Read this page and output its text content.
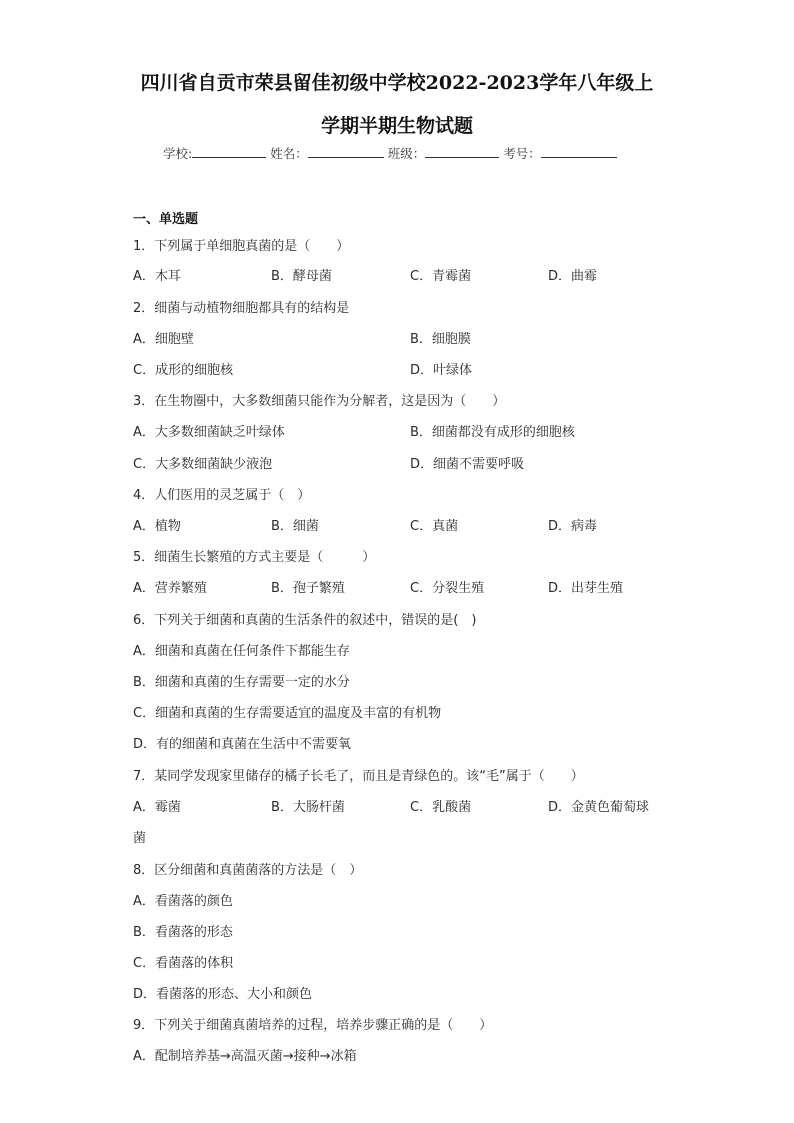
四川省自贡市荣县留佳初级中学校2022-2023学年八年级上
学期半期生物试题
学校:	姓名：	班级：	考号：
一、单选题
1．下列属于单细胞真菌的是（　　）
A．木耳	B．酵母菌	C．青霉菌	D．曲霉
2．细菌与动植物细胞都具有的结构是
A．细胞壁	B．细胞膜
C．成形的细胞核	D．叶绿体
3．在生物圈中，大多数细菌只能作为分解者，这是因为（　　）
A．大多数细菌缺乏叶绿体	B．细菌都没有成形的细胞核
C．大多数细菌缺少液泡	D．细菌不需要呼吸
4．人们医用的灵芝属于（　）
A．植物	B．细菌	C．真菌	D．病毒
5．细菌生长繁殖的方式主要是（　　　）
A．营养繁殖	B．孢子繁殖	C．分裂生殖	D．出芽生殖
6．下列关于细菌和真菌的生活条件的叙述中，错误的是(　)
A．细菌和真菌在任何条件下都能生存
B．细菌和真菌的生存需要一定的水分
C．细菌和真菌的生存需要适宜的温度及丰富的有机物
D．有的细菌和真菌在生活中不需要氧
7．某同学发现家里储存的橘子长毛了，而且是青绿色的。该“毛”属于（　　）
A．霉菌	B．大肠杆菌	C．乳酸菌	D．金黄色葡萄球
菌
8．区分细菌和真菌菌落的方法是（　）
A．看菌落的颜色
B．看菌落的形态
C．看菌落的体积
D．看菌落的形态、大小和颜色
9．下列关于细菌真菌培养的过程，培养步骤正确的是（　　）
A．配制培养基→高温灭菌→接种→冰箱
